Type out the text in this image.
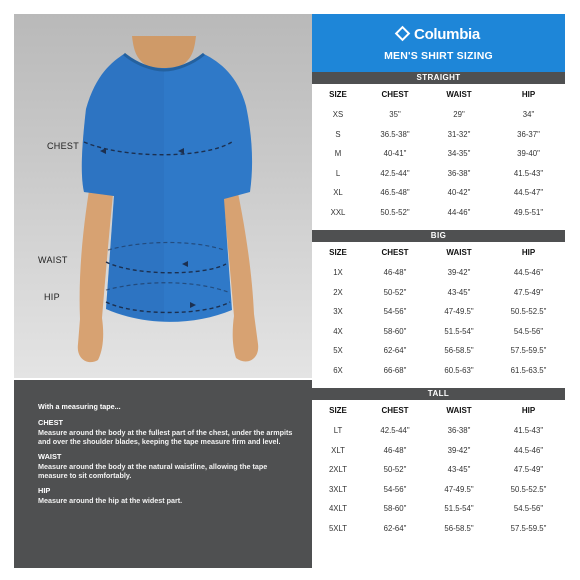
CHEST
WAIST
HIP
With a measuring tape...
CHEST
Measure around the body at the fullest part of the chest, under the armpits and over the shoulder blades, keeping the tape measure firm and level.
WAIST
Measure around the body at the natural waistline, allowing the tape measure to sit comfortably.
HIP
Measure around the hip at the widest part.
Columbia
MEN'S SHIRT SIZING
STRAIGHT
SIZE	CHEST	WAIST	HIP
XS	35"	29"	34"
S	36.5-38"	31-32"	36-37"
M	40-41"	34-35"	39-40"
L	42.5-44"	36-38"	41.5-43"
XL	46.5-48"	40-42"	44.5-47"
XXL	50.5-52"	44-46"	49.5-51"
BIG
SIZE	CHEST	WAIST	HIP
1X	46-48"	39-42"	44.5-46"
2X	50-52"	43-45"	47.5-49"
3X	54-56"	47-49.5"	50.5-52.5"
4X	58-60"	51.5-54"	54.5-56"
5X	62-64"	56-58.5"	57.5-59.5"
6X	66-68"	60.5-63"	61.5-63.5"
TALL
SIZE	CHEST	WAIST	HIP
LT	42.5-44"	36-38"	41.5-43"
XLT	46-48"	39-42"	44.5-46"
2XLT	50-52"	43-45"	47.5-49"
3XLT	54-56"	47-49.5"	50.5-52.5"
4XLT	58-60"	51.5-54"	54.5-56"
5XLT	62-64"	56-58.5"	57.5-59.5"
